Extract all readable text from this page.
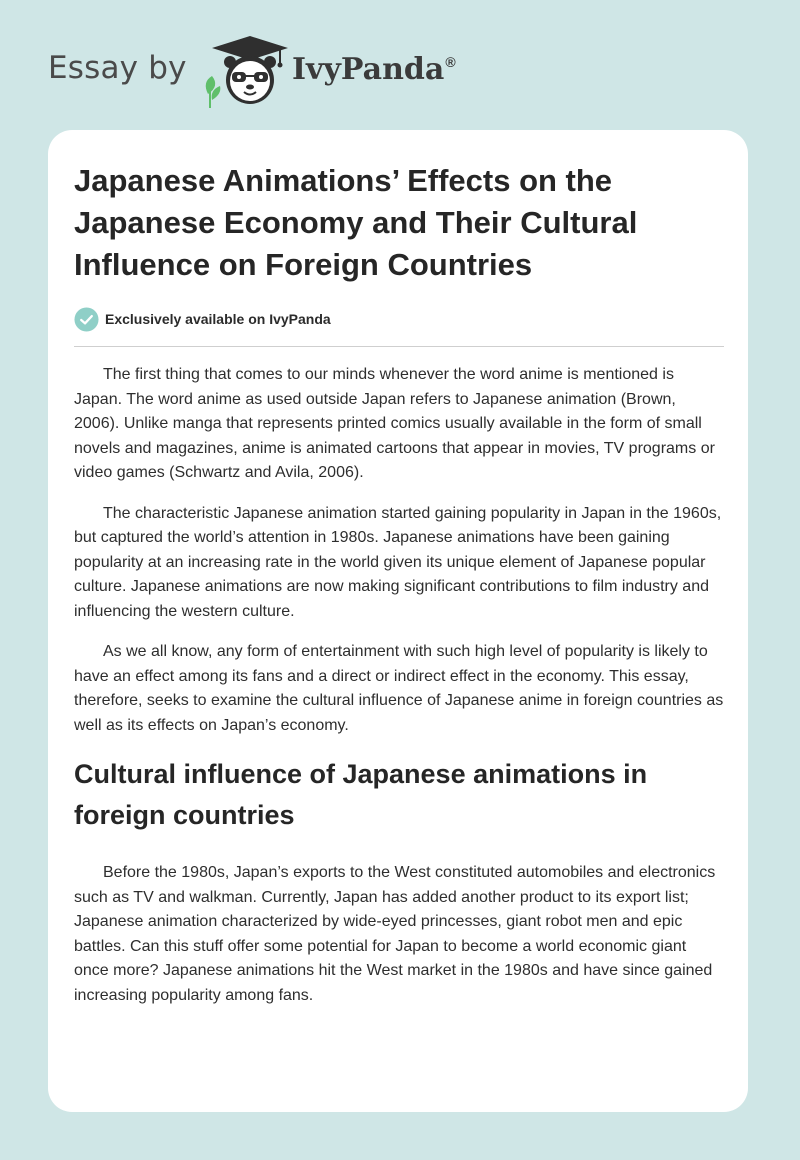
Essay by	IvyPanda®
Japanese Animations’ Effects on the Japanese Economy and Their Cultural Influence on Foreign Countries
Exclusively available on IvyPanda

The first thing that comes to our minds whenever the word anime is mentioned is Japan. The word anime as used outside Japan refers to Japanese animation (Brown, 2006). Unlike manga that represents printed comics usually available in the form of small novels and magazines, anime is animated cartoons that appear in movies, TV programs or video games (Schwartz and Avila, 2006).

The characteristic Japanese animation started gaining popularity in Japan in the 1960s, but captured the world’s attention in 1980s. Japanese animations have been gaining popularity at an increasing rate in the world given its unique element of Japanese popular culture. Japanese animations are now making significant contributions to film industry and influencing the western culture.

As we all know, any form of entertainment with such high level of popularity is likely to have an effect among its fans and a direct or indirect effect in the economy. This essay, therefore, seeks to examine the cultural influence of Japanese anime in foreign countries as well as its effects on Japan’s economy.

Cultural influence of Japanese animations in foreign countries

Before the 1980s, Japan’s exports to the West constituted automobiles and electronics such as TV and walkman. Currently, Japan has added another product to its export list; Japanese animation characterized by wide-eyed princesses, giant robot men and epic battles. Can this stuff offer some potential for Japan to become a world economic giant once more? Japanese animations hit the West market in the 1980s and have since gained increasing popularity among fans.
